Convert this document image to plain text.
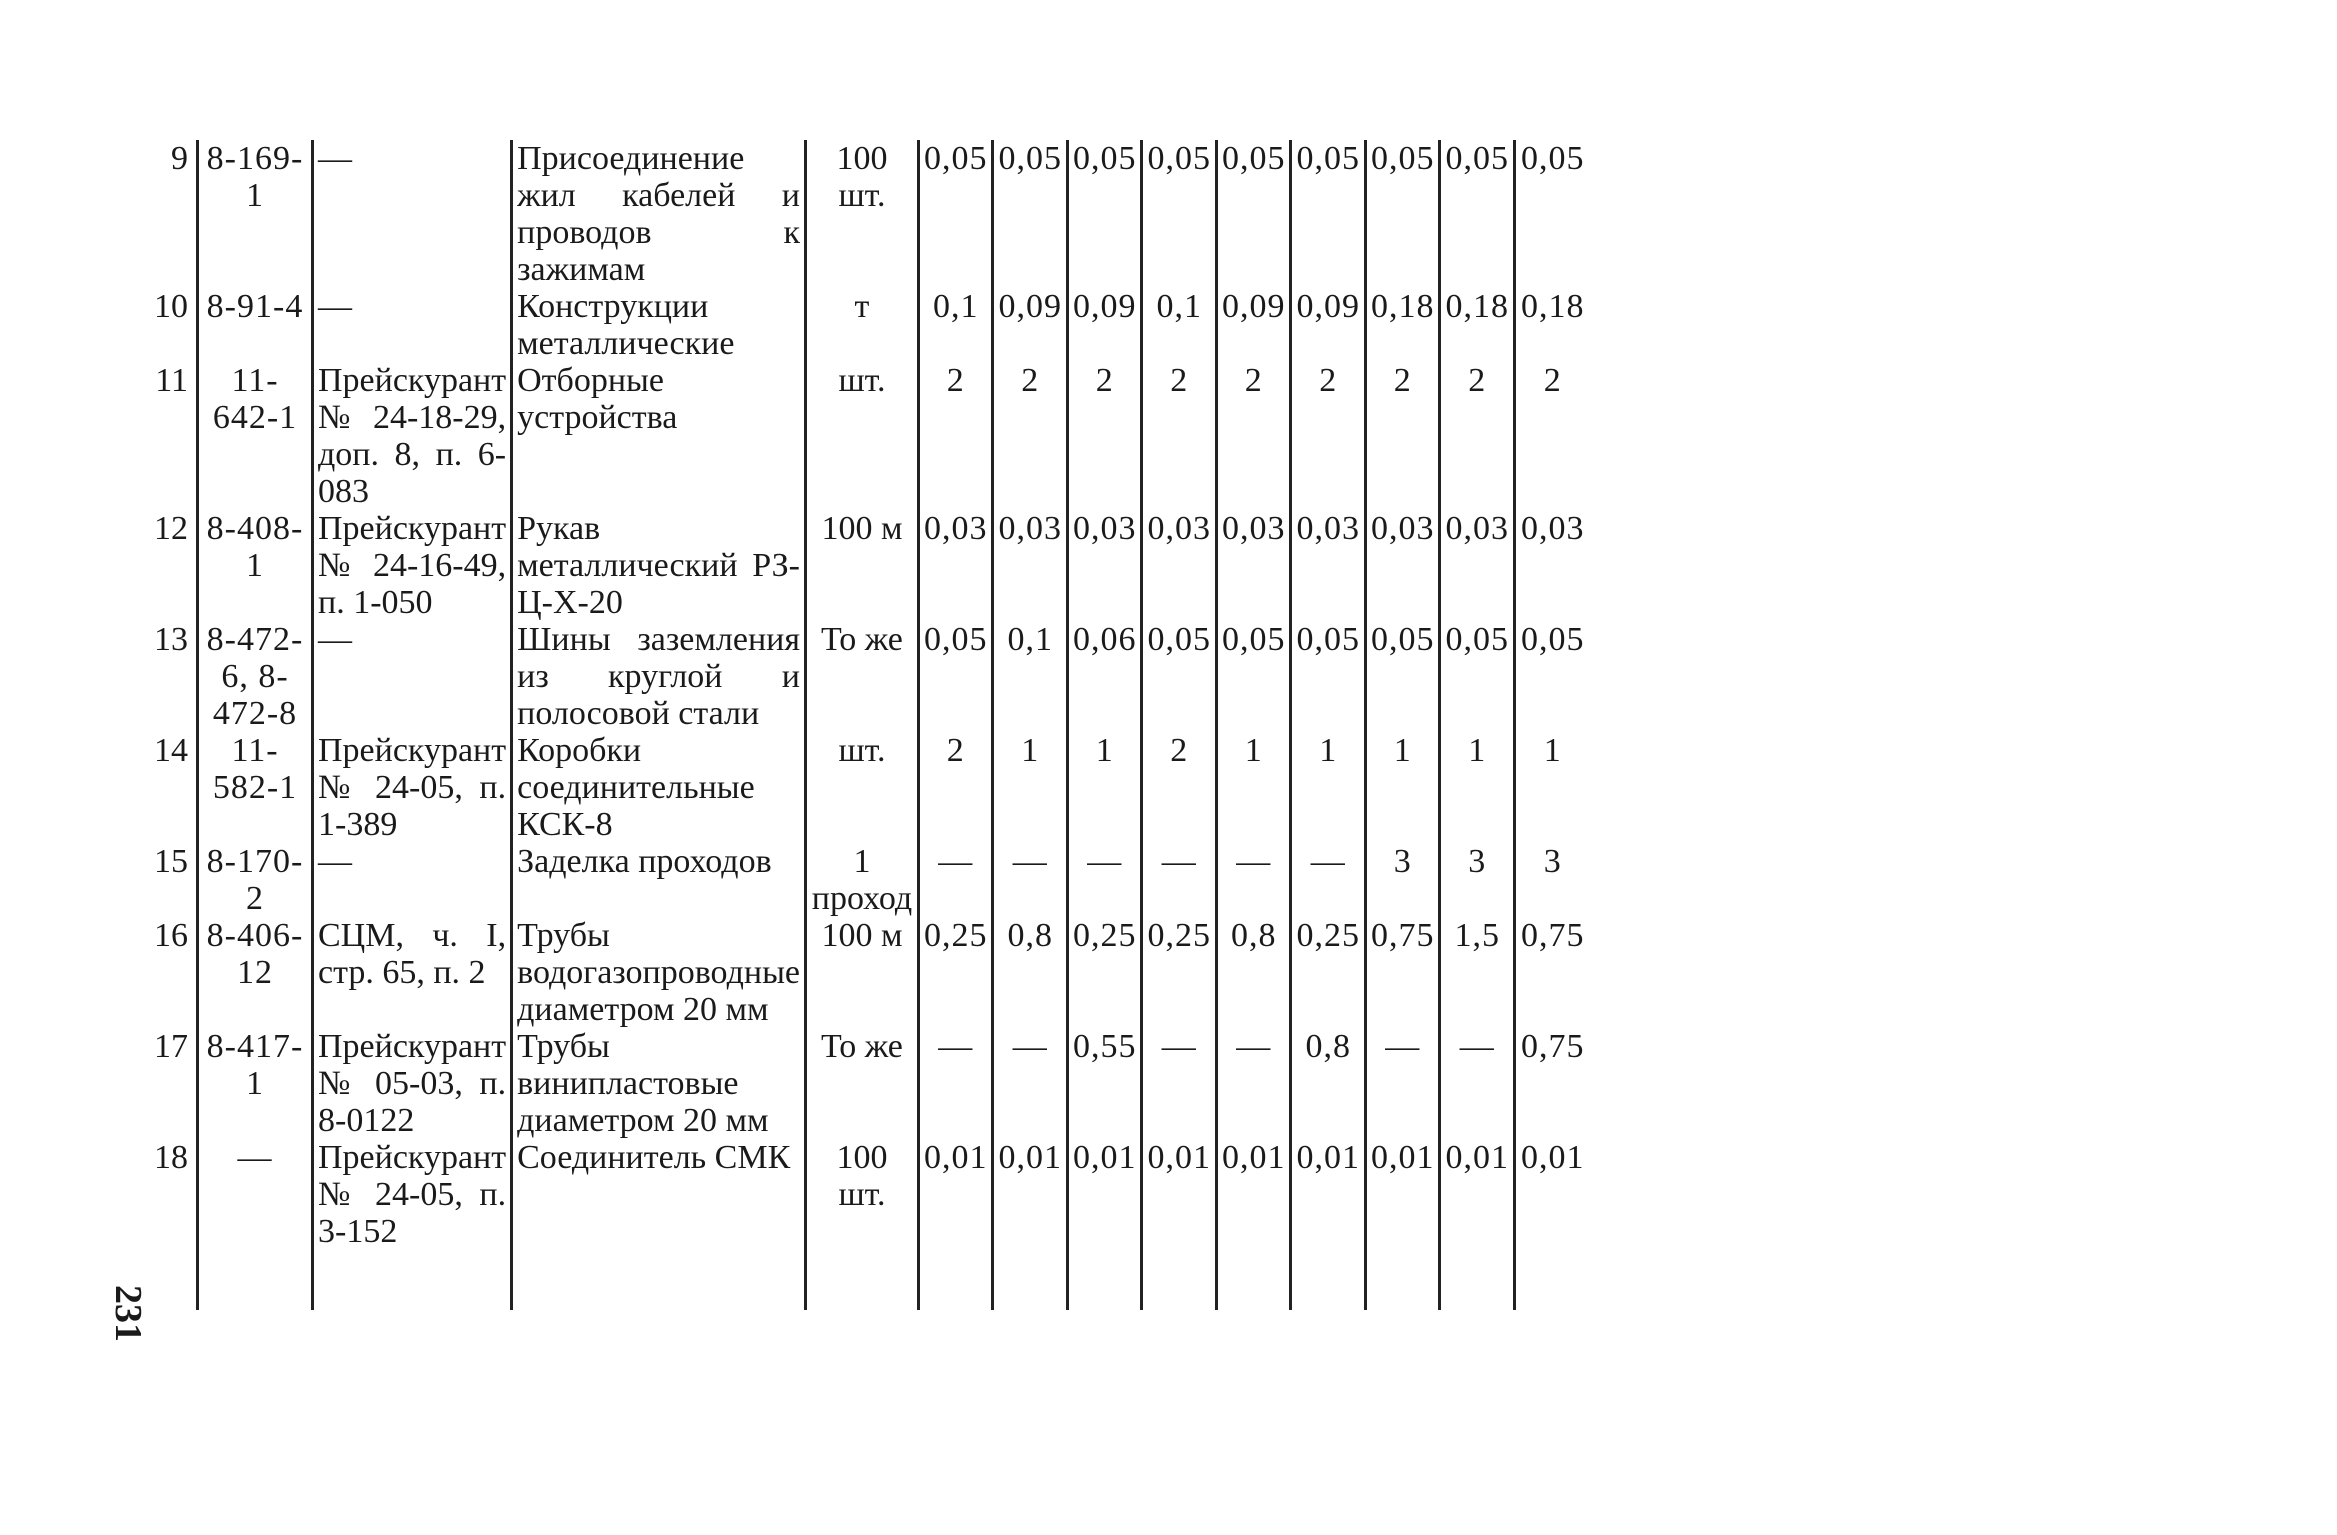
9	8-169-1	—	Присоединение жил кабелей и проводов к зажимам	100 шт.	0,05	0,05	0,05	0,05	0,05	0,05	0,05	0,05	0,05
10	8-91-4	—	Конструкции металлические	т	0,1	0,09	0,09	0,1	0,09	0,09	0,18	0,18	0,18
11	11-642-1	Прейскурант № 24-18-29, доп. 8, п. 6-083	Отборные устройства	шт.	2	2	2	2	2	2	2	2	2
12	8-408-1	Прейскурант № 24-16-49, п. 1-050	Рукав металлический РЗ-Ц-Х-20	100 м	0,03	0,03	0,03	0,03	0,03	0,03	0,03	0,03	0,03
13	8-472-6, 8-472-8	—	Шины заземления из круглой и полосовой стали	То же	0,05	0,1	0,06	0,05	0,05	0,05	0,05	0,05	0,05
14	11-582-1	Прейскурант № 24-05, п. 1-389	Коробки соединительные КСК-8	шт.	2	1	1	2	1	1	1	1	1
15	8-170-2	—	Заделка проходов	1 проход	—	—	—	—	—	—	3	3	3
16	8-406-12	СЦМ, ч. I, стр. 65, п. 2	Трубы водогазопроводные диаметром 20 мм	100 м	0,25	0,8	0,25	0,25	0,8	0,25	0,75	1,5	0,75
17	8-417-1	Прейскурант № 05-03, п. 8-0122	Трубы винипластовые диаметром 20 мм	То же	—	—	0,55	—	—	0,8	—	—	0,75
18	—	Прейскурант № 24-05, п. 3-152	Соединитель СМК	100 шт.	0,01	0,01	0,01	0,01	0,01	0,01	0,01	0,01	0,01

231
